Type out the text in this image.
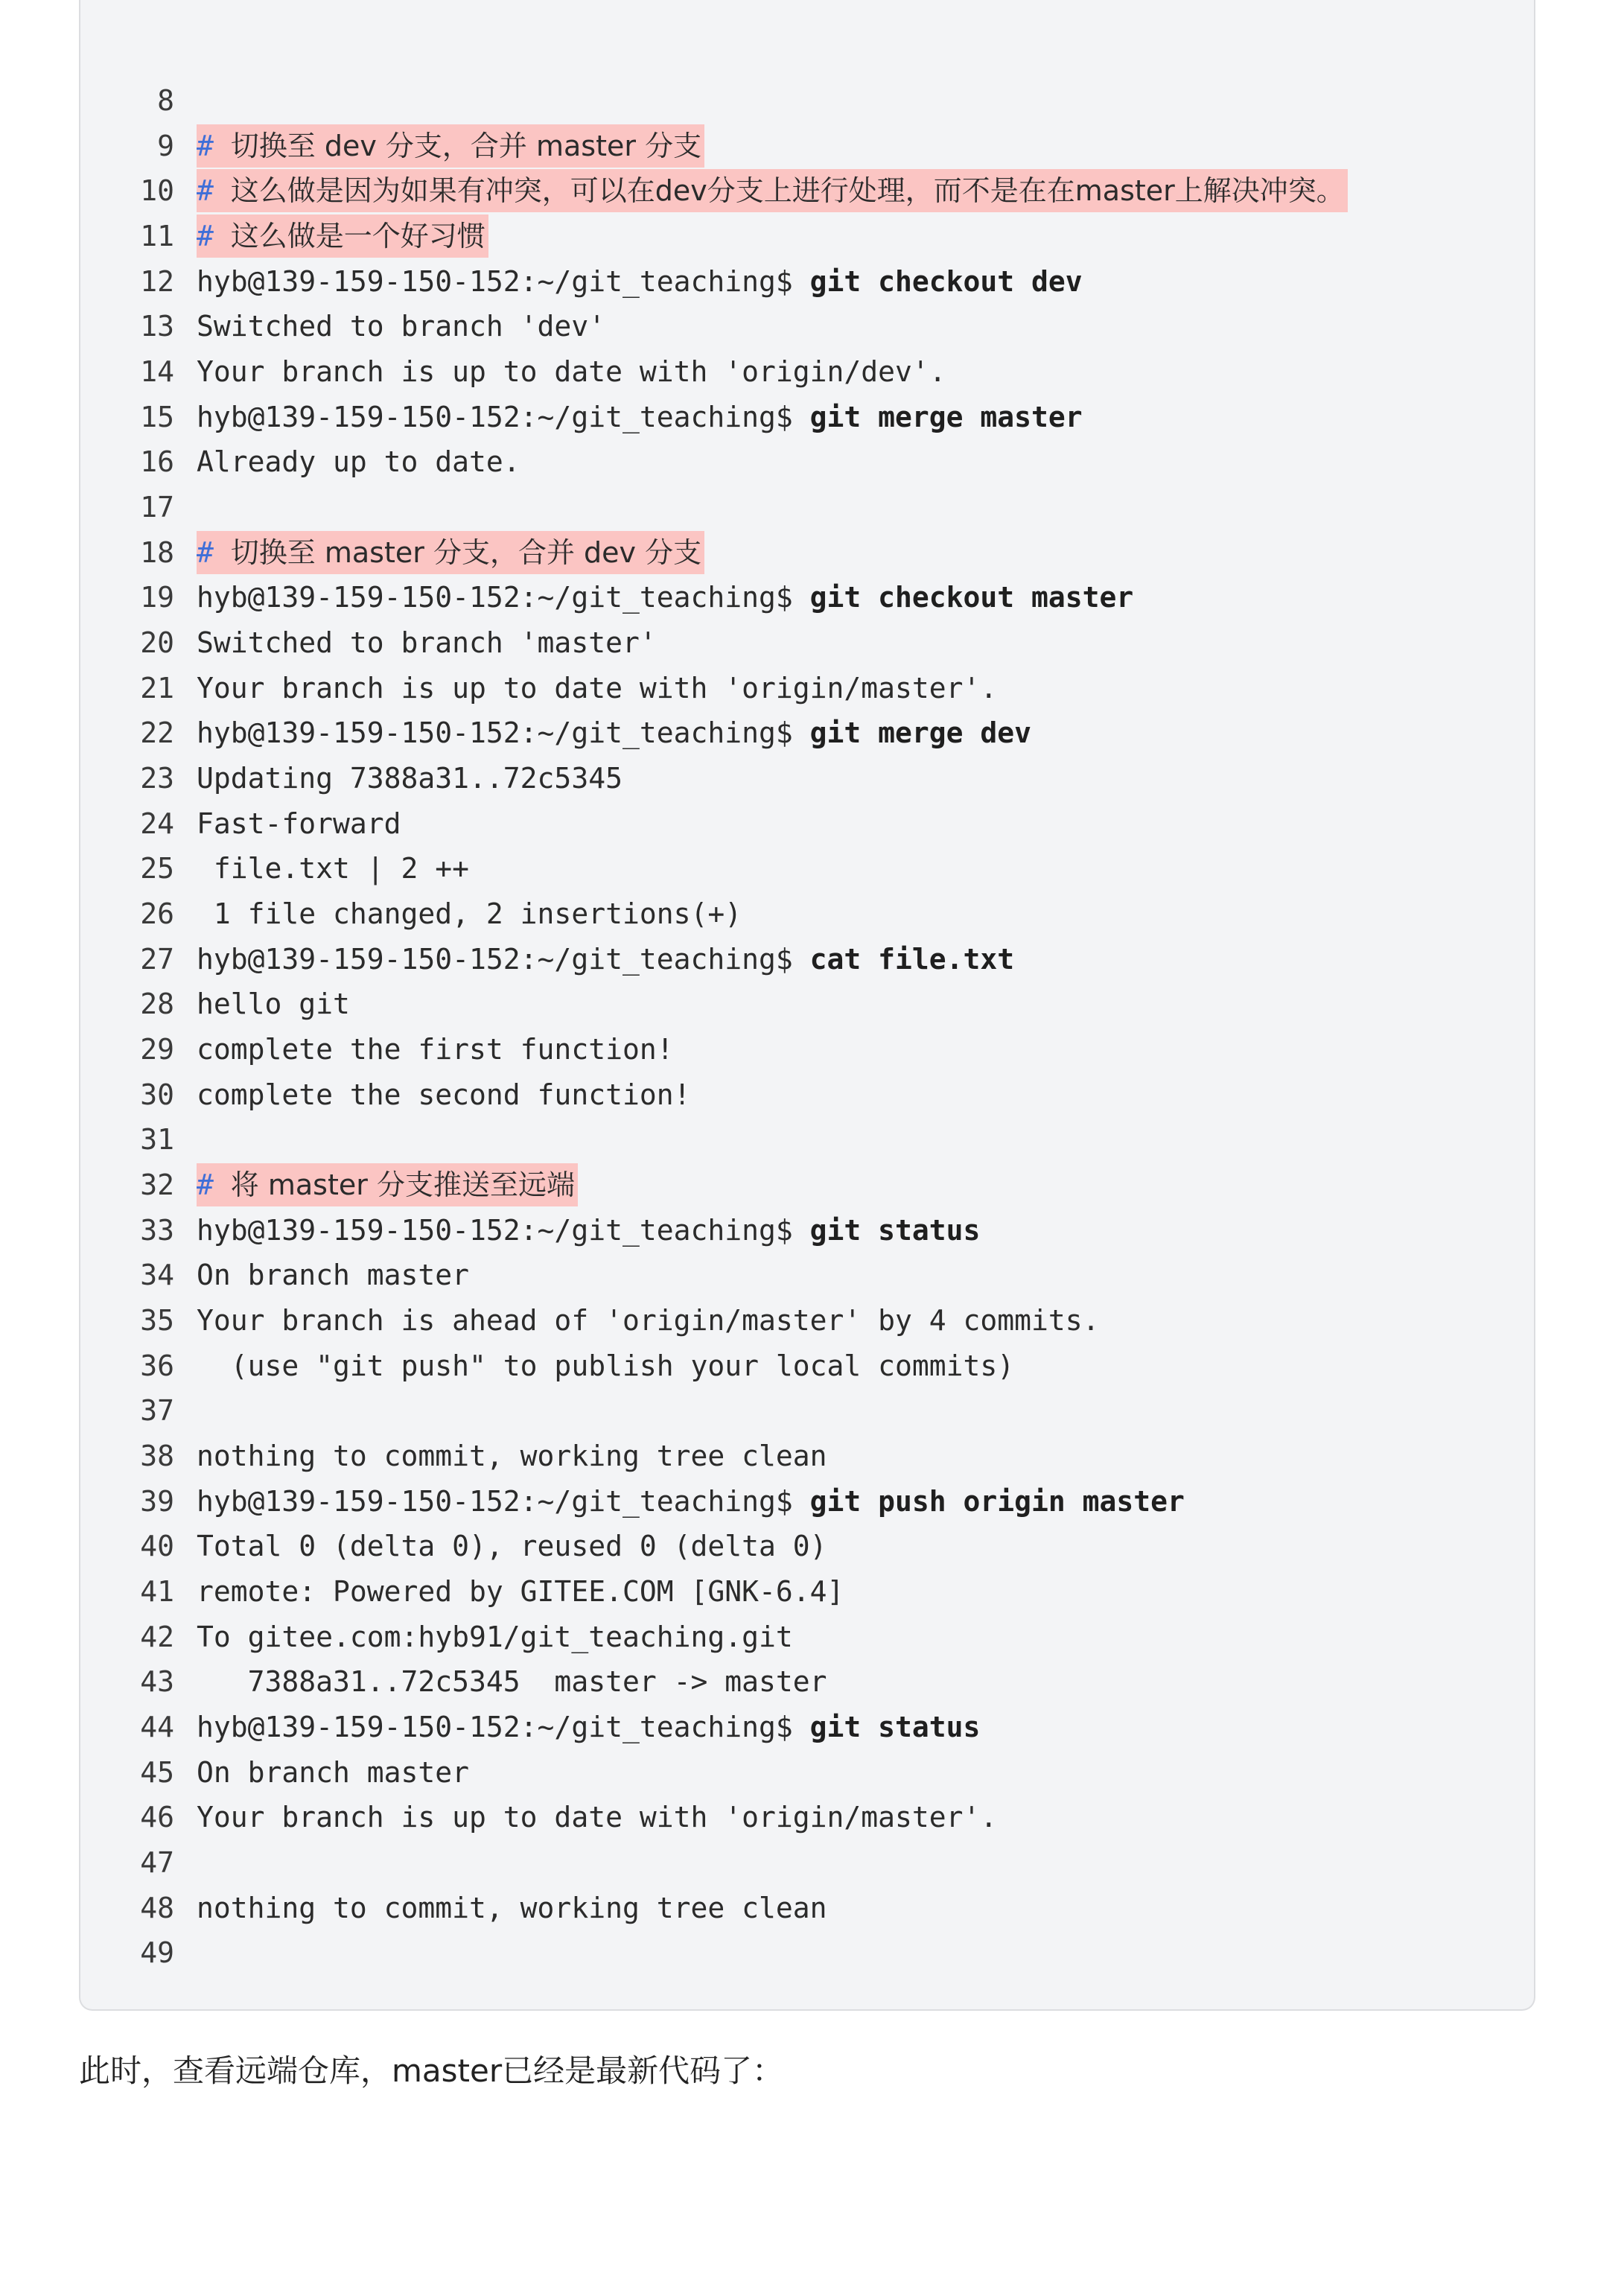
8
9 # 切换至 dev 分支，合并 master 分支
10 # 这么做是因为如果有冲突，可以在dev分支上进行处理，而不是在在master上解决冲突。
11 # 这么做是一个好习惯
12 hyb@139-159-150-152:~/git_teaching$ git checkout dev
13 Switched to branch 'dev'
14 Your branch is up to date with 'origin/dev'.
15 hyb@139-159-150-152:~/git_teaching$ git merge master
16 Already up to date.
17
18 # 切换至 master 分支，合并 dev 分支
19 hyb@139-159-150-152:~/git_teaching$ git checkout master
20 Switched to branch 'master'
21 Your branch is up to date with 'origin/master'.
22 hyb@139-159-150-152:~/git_teaching$ git merge dev
23 Updating 7388a31..72c5345
24 Fast-forward
25 file.txt | 2 ++
26 1 file changed, 2 insertions(+)
27 hyb@139-159-150-152:~/git_teaching$ cat file.txt
28 hello git
29 complete the first function!
30 complete the second function!
31
32 # 将 master 分支推送至远端
33 hyb@139-159-150-152:~/git_teaching$ git status
34 On branch master
35 Your branch is ahead of 'origin/master' by 4 commits.
36 (use "git push" to publish your local commits)
37
38 nothing to commit, working tree clean
39 hyb@139-159-150-152:~/git_teaching$ git push origin master
40 Total 0 (delta 0), reused 0 (delta 0)
41 remote: Powered by GITEE.COM [GNK-6.4]
42 To gitee.com:hyb91/git_teaching.git
43 7388a31..72c5345  master -> master
44 hyb@139-159-150-152:~/git_teaching$ git status
45 On branch master
46 Your branch is up to date with 'origin/master'.
47
48 nothing to commit, working tree clean
49
此时，查看远端仓库，master已经是最新代码了：
